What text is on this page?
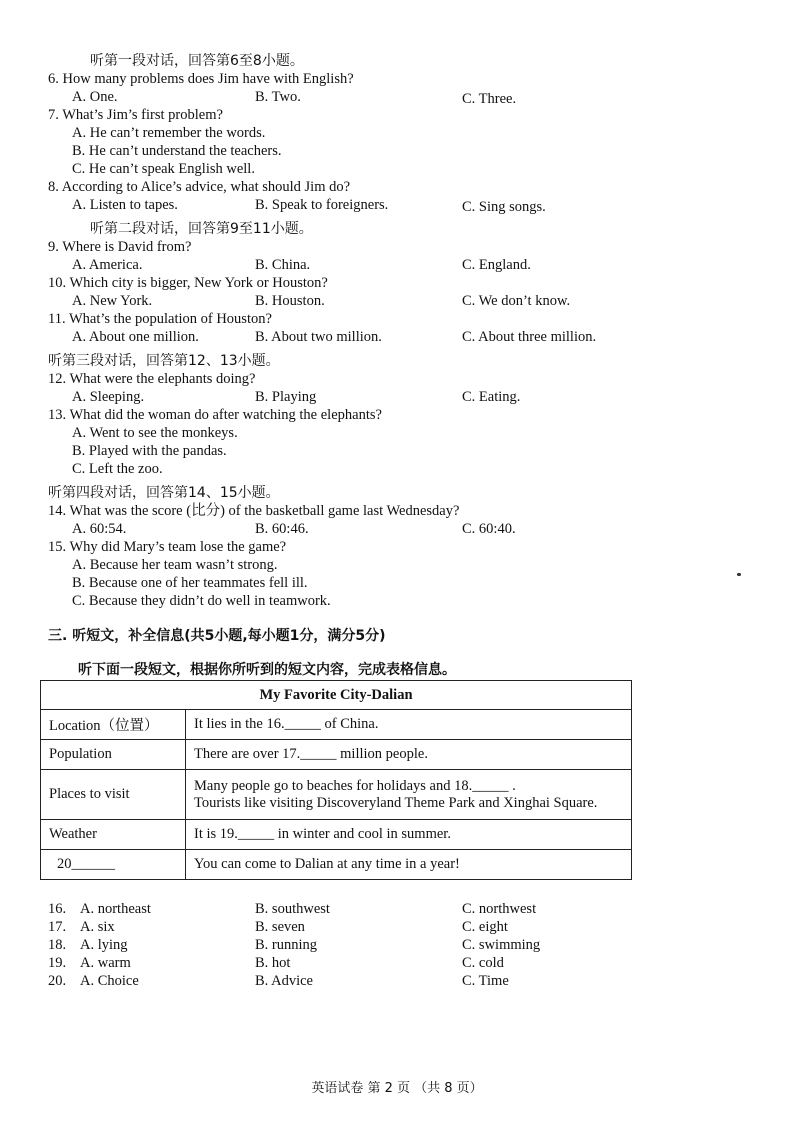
听第一段对话，回答第6至8小题。
6. How many problems does Jim have with English?
A. One.	B. Two.	C. Three.
7. What’s Jim’s first problem?
A. He can’t remember the words.
B. He can’t understand the teachers.
C. He can’t speak English well.
8. According to Alice’s advice, what should Jim do?
A. Listen to tapes.	B. Speak to foreigners.	C. Sing songs.
听第二段对话，回答第9至11小题。
9. Where is David from?
A. America.	B. China.	C. England.
10. Which city is bigger, New York or Houston?
A. New York.	B. Houston.	C. We don’t know.
11. What’s the population of Houston?
A. About one million.	B. About two million.	C. About three million.
听第三段对话，回答第12、13小题。
12. What were the elephants doing?
A. Sleeping.	B. Playing	C. Eating.
13. What did the woman do after watching the elephants?
A. Went to see the monkeys.
B. Played with the pandas.
C. Left the zoo.
听第四段对话，回答第14、15小题。
14. What was the score (比分) of the basketball game last Wednesday?
A. 60:54.	B. 60:46.	C. 60:40.
15. Why did Mary’s team lose the game?
A. Because her team wasn’t strong.
B. Because one of her teammates fell ill.
C. Because they didn’t do well in teamwork.
三. 听短文，补全信息(共5小题,每小题1分，满分5分)
听下面一段短文，根据你所听到的短文内容，完成表格信息。
My Favorite City-Dalian	
Location（位置）	It lies in the 16._____ of China.
Population	There are over 17._____ million people.
Places to visit	Many people go to beaches for holidays and 18._____ .
Tourists like visiting Discoveryland Theme Park and Xinghai Square.

Weather	It is 19._____ in winter and cool in summer.
20______	You can come to Dalian at any time in a year!
16. A. northeast	B. southwest	C. northwest
17. A. six	B. seven	C. eight
18. A. lying	B. running	C. swimming
19. A. warm	B. hot	C. cold
20. A. Choice	B. Advice	C. Time
英语试卷 第 2 页 （共 8 页）
